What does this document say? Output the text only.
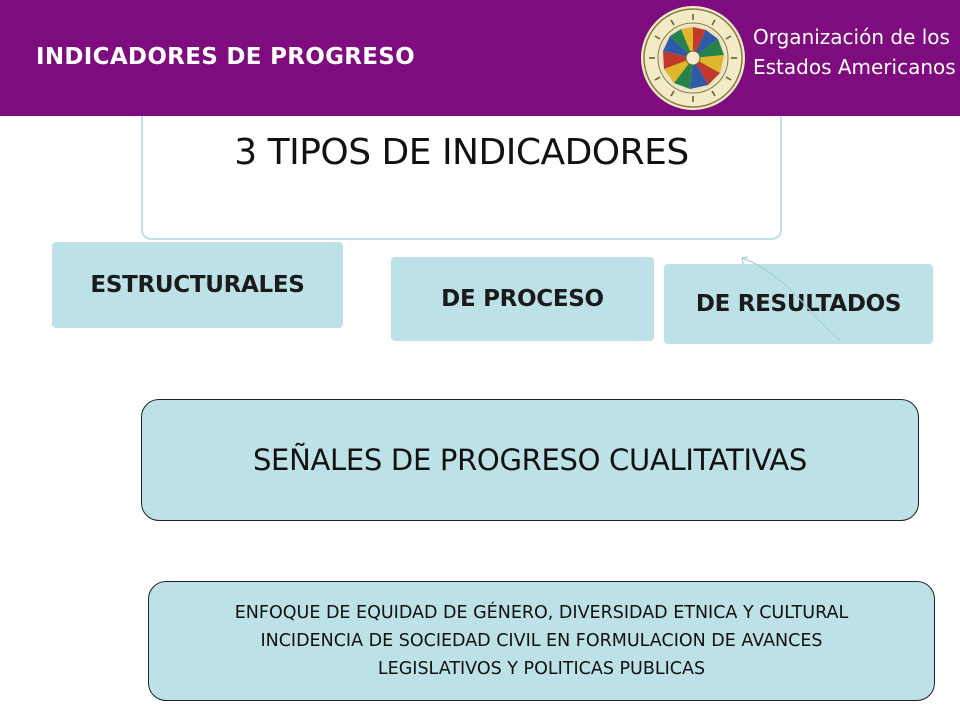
INDICADORES DE PROGRESO
Organización de los
Estados Americanos
3 TIPOS DE INDICADORES
ESTRUCTURALES
DE PROCESO	DE RESULTADOS
SEÑALES DE PROGRESO CUALITATIVAS
ENFOQUE DE EQUIDAD DE GÉNERO, DIVERSIDAD ETNICA Y CULTURAL
INCIDENCIA DE SOCIEDAD CIVIL EN FORMULACION DE AVANCES
LEGISLATIVOS Y POLITICAS PUBLICAS
